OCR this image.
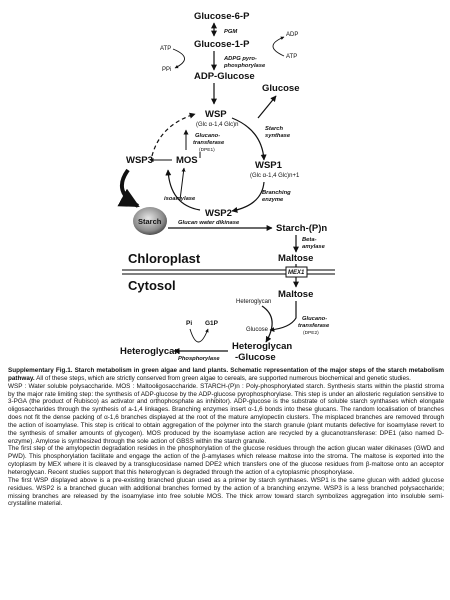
Glucose-6-P
PGM	ADP
ATP
Glucose-1-P
ADPG pyro-
phosphorylase
ATP
PPi
ADP-Glucose
Glucose
WSP
(Glc α-1,4 Glc)n
Glucano-
transferase
(DPE1)
Starch
synthase
WSP3 MOS	WSP1
(Glc α-1,4 Glc)n+1
Branching
enzyme
isoamylase
WSP2
Starch	Glucan water dikinase	Starch-(P)n
Beta-
amylase
Chloroplast	Maltose
MEX1
Cytosol
Maltose
Heteroglycan
Glucose
Glucano-
transferase
(DPE2)
Pi G1P
Phosphorylase
Heteroglycan	Heteroglycan
-Glucose

Supplementary Fig.1. Starch metabolism in green algae and land plants. Schematic representation of the major steps of the starch metabolism pathway. All of these steps, which are strictly conserved from green algae to cereals, are supported numerous biochemical and genetic studies.

WSP : Water soluble polysaccharide. MOS : Maltooligosaccharide. STARCH-(P)n : Poly-phosphorylated starch. Synthesis starts within the plastid stroma by the major rate limiting step: the synthesis of ADP-glucose by the ADP-glucose pyrophosphorylase. This step is under an allosteric regulation sensitive to 3-PGA (the product of Rubisco) as activator and orthophosphate as inhibitor). ADP-glucose is the substrate of soluble starch synthases which elongate oligosaccharides through the synthesis of a-1,4 linkages. Branching enzymes insert α-1,6 bonds into these glucans. The random localisation of branches does not fit the dense packing of α-1,6 branches displayed at the root of the mature amylopectin clusters. The misplaced branches are removed through the action of isoamylase. This step is critical to obtain aggregation of the polymer into the starch granule (plant mutants defective for isoamylase revert to the synthesis of smaller amounts of glycogen). MOS produced by the isoamylase action are recycled by a glucanotransferase: DPE1 (also named D-enzyme). Amylose is synthesized through the sole action of GBSS within the starch granule.

The first step of the amylopectin degradation resides in the phosphorylation of the glucose residues through the action glucan water dikinases (GWD and PWD). This phosphorylation facilitate and engage the action of the β-amylases which release maltose into the stroma. The maltose is exported into the cytoplasm by MEX where it is cleaved by a transglucosidase named DPE2 which transfers one of the glucose residues from β-maltose onto an acceptor heteroglycan. Recent studies support that this heteroglycan is degraded through the action of a cytoplasmic phosphorylase.

The first WSP displayed above is a pre-existing branched glucan used as a primer by starch synthases. WSP1 is the same glucan with added glucose residues. WSP2 is a branched glucan with additional branches formed by the action of a branching enzyme. WSP3 is a less branched polysaccharide; missing branches are released by the isoamylase into free soluble MOS. The thick arrow toward starch symbolizes aggregation into insoluble semi-crystalline material.
